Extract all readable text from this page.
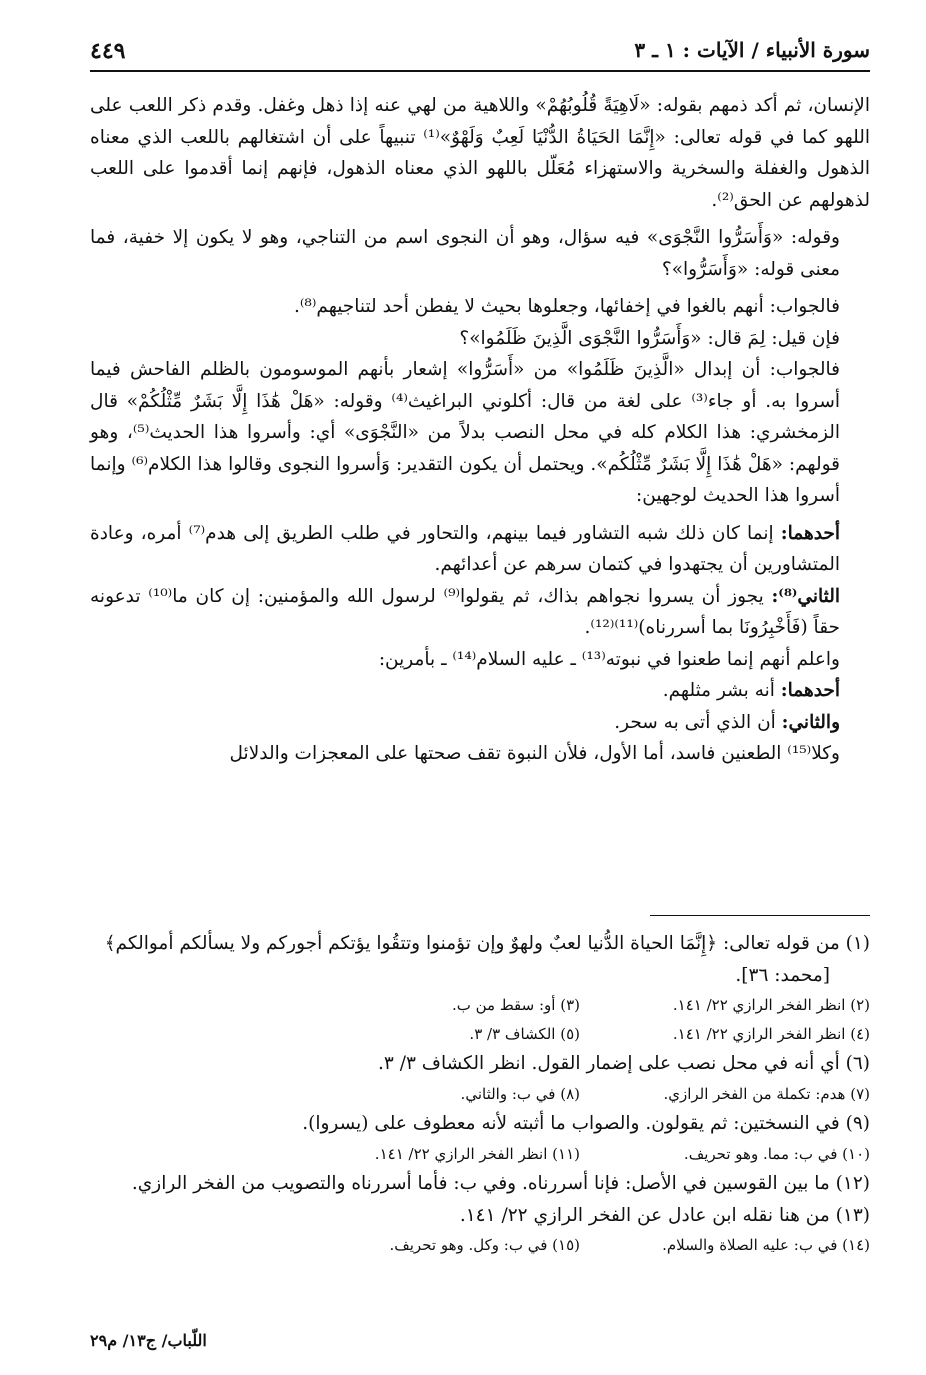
سورة الأنبياء / الآيات : ١ ـ ٣
٤٤٩

الإنسان، ثم أكد ذمهم بقوله: «لَاهِيَةً قُلُوبُهُمْ» واللاهية من لهي عنه إذا ذهل وغفل. وقدم ذكر اللعب على اللهو كما في قوله تعالى: «إِنَّمَا الحَيَاةُ الدُّنْيَا لَعِبٌ وَلَهْوٌ»⁽¹⁾ تنبيهاً على أن اشتغالهم باللعب الذي معناه الذهول والغفلة والسخرية والاستهزاء مُعَلّل باللهو الذي معناه الذهول، فإنهم إنما أقدموا على اللعب لذهولهم عن الحق⁽²⁾.

وقوله: «وَأَسَرُّوا النَّجْوَى» فيه سؤال، وهو أن النجوى اسم من التناجي، وهو لا يكون إلا خفية، فما معنى قوله: «وَأَسَرُّوا»؟

فالجواب: أنهم بالغوا في إخفائها، وجعلوها بحيث لا يفطن أحد لتناجيهم⁽⁸⁾.

فإن قيل: لِمَ قال: «وَأَسَرُّوا النَّجْوَى الَّذِينَ ظَلَمُوا»؟

فالجواب: أن إبدال «الَّذِينَ ظَلَمُوا» من «أَسَرُّوا» إشعار بأنهم الموسومون بالظلم الفاحش فيما أسروا به. أو جاء⁽³⁾ على لغة من قال: أكلوني البراغيث⁽⁴⁾ وقوله: «هَلْ هَٰذَا إِلَّا بَشَرٌ مِّثْلُكُمْ» قال الزمخشري: هذا الكلام كله في محل النصب بدلاً من «النَّجْوَى» أي: وأسروا هذا الحديث⁽⁵⁾، وهو قولهم: «هَلْ هَٰذَا إِلَّا بَشَرٌ مِّثْلُكُم». ويحتمل أن يكون التقدير: وَأسروا النجوى وقالوا هذا الكلام⁽⁶⁾ وإنما أسروا هذا الحديث لوجهين:

أحدهما: إنما كان ذلك شبه التشاور فيما بينهم، والتحاور في طلب الطريق إلى هدم⁽⁷⁾ أمره، وعادة المتشاورين أن يجتهدوا في كتمان سرهم عن أعدائهم.

الثاني⁽⁸⁾: يجوز أن يسروا نجواهم بذاك، ثم يقولوا⁽⁹⁾ لرسول الله والمؤمنين: إن كان ما⁽¹⁰⁾ تدعونه حقاً (فَأَخْبِرُونَا بما أسررناه)⁽¹¹⁾⁽¹²⁾.

واعلم أنهم إنما طعنوا في نبوته⁽¹³⁾ ـ عليه السلام⁽¹⁴⁾ ـ بأمرين:

أحدهما: أنه بشر مثلهم.

والثاني: أن الذي أتى به سحر.

وكلا⁽¹⁵⁾ الطعنين فاسد، أما الأول، فلأن النبوة تقف صحتها على المعجزات والدلائل

(١) من قوله تعالى: ﴿إِنَّمَا الحياة الدُّنيا لعبٌ ولهوٌ وإن تؤمنوا وتتقُوا يؤتكم أجوركم ولا يسألكم أموالكم﴾

[محمد: ٣٦].

(٢) انظر الفخر الرازي ٢٢/ ١٤١.
(٣) أو: سقط من ب.
(٤) انظر الفخر الرازي ٢٢/ ١٤١.
(٥) الكشاف ٣/ ٣.

(٦) أي أنه في محل نصب على إضمار القول. انظر الكشاف ٣/ ٣.

(٧) هدم: تكملة من الفخر الرازي.
(٨) في ب: والثاني.

(٩) في النسختين: ثم يقولون. والصواب ما أثبته لأنه معطوف على (يسروا).

(١٠) في ب: مما. وهو تحريف.
(١١) انظر الفخر الرازي ٢٢/ ١٤١.

(١٢) ما بين القوسين في الأصل: فإنا أسررناه. وفي ب: فأما أسررناه والتصويب من الفخر الرازي.

(١٣) من هنا نقله ابن عادل عن الفخر الرازي ٢٢/ ١٤١.

(١٤) في ب: عليه الصلاة والسلام.
(١٥) في ب: وكل. وهو تحريف.
اللّباب/ ج١٣/ م٢٩
